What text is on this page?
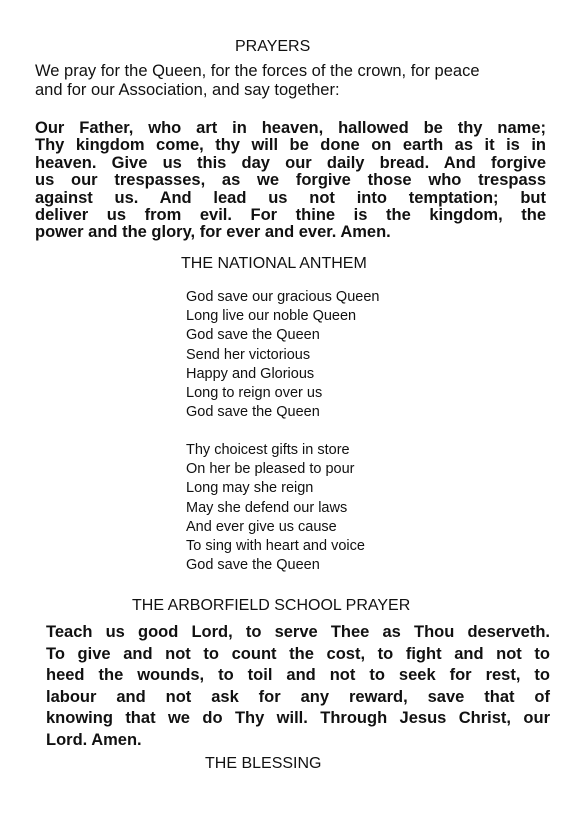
PRAYERS
We pray for the Queen, for the forces of the crown, for peace
and for our Association, and say together:
Our Father, who art in heaven, hallowed be thy name;
Thy kingdom come, thy will be done on earth as it is in
heaven. Give us this day our daily bread. And forgive
us our trespasses, as we forgive those who trespass
against us. And lead us not into temptation; but
deliver us from evil. For thine is the kingdom, the
power and the glory, for ever and ever. Amen.
THE NATIONAL ANTHEM
God save our gracious Queen
Long live our noble Queen
God save the Queen
Send her victorious
Happy and Glorious
Long to reign over us
God save the Queen
Thy choicest gifts in store
On her be pleased to pour
Long may she reign
May she defend our laws
And ever give us cause
To sing with heart and voice
God save the Queen
THE ARBORFIELD SCHOOL PRAYER
Teach us good Lord, to serve Thee as Thou deserveth.
To give and not to count the cost, to fight and not to
heed the wounds, to toil and not to seek for rest, to
labour and not ask for any reward, save that of
knowing that we do Thy will. Through Jesus Christ, our
Lord. Amen.
THE BLESSING
